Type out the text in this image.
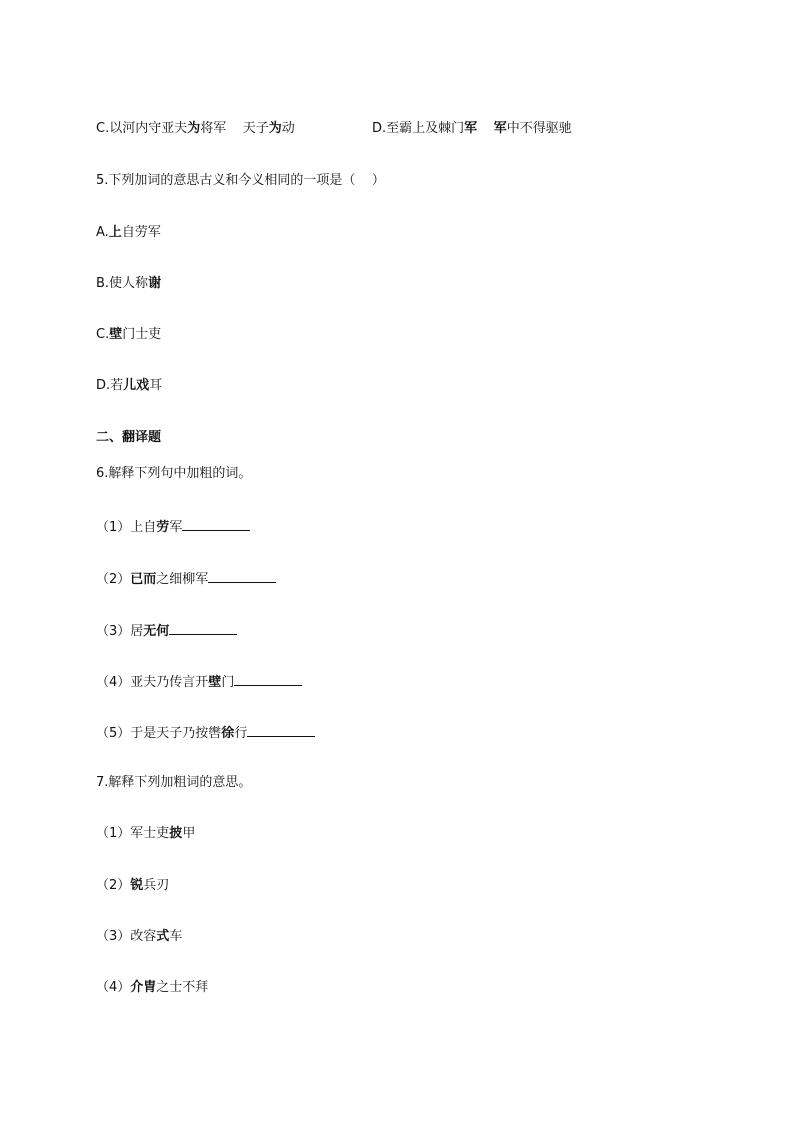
C.以河内守亚夫为将军    天子为动	D.至霸上及棘门军 军中不得驱驰
5.下列加词的意思古义和今义相同的一项是（    ）
A.上自劳军
B.使人称谢
C.壁门士吏
D.若儿戏耳
二、翻译题
6.解释下列句中加粗的词。
（1）上自劳军
（2）已而之细柳军
（3）居无何
（4）亚夫乃传言开壁门
（5）于是天子乃按辔徐行
7.解释下列加粗词的意思。
（1）军士吏披甲
（2）锐兵刃
（3）改容式车
（4）介胄之士不拜
